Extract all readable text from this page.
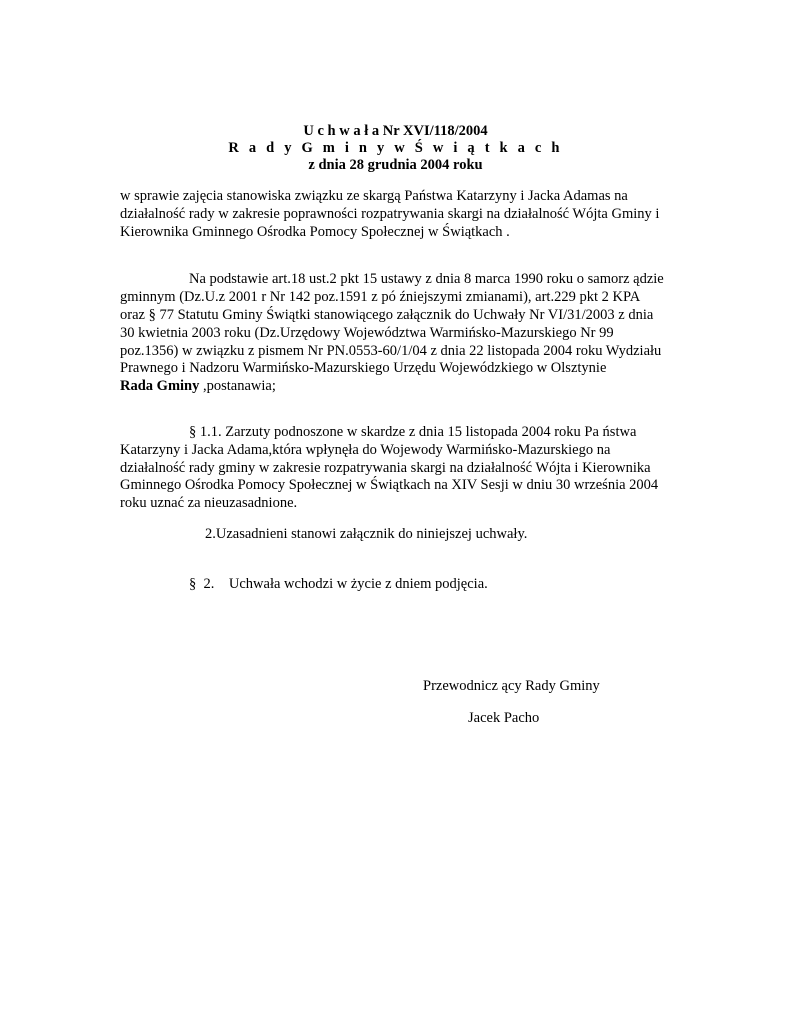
U c h w a ł a Nr XVI/118/2004
R a d y G m i n y w Ś w i ą t k a c h
z dnia 28 grudnia 2004 roku
w sprawie zajęcia stanowiska związku ze skargą Państwa Katarzyny i Jacka Adamas na
działalność rady w zakresie poprawności rozpatrywania skargi na działalność Wójta Gminy i
Kierownika Gminnego Ośrodka Pomocy Społecznej w Świątkach .
Na podstawie art.18 ust.2 pkt 15 ustawy z dnia 8 marca 1990 roku o samorz ądzie
gminnym (Dz.U.z 2001 r Nr 142 poz.1591 z pó źniejszymi zmianami), art.229 pkt 2 KPA
oraz § 77 Statutu Gminy Świątki stanowiącego załącznik do Uchwały Nr VI/31/2003 z dnia
30 kwietnia 2003 roku (Dz.Urzędowy Województwa Warmińsko-Mazurskiego Nr 99
poz.1356) w związku z pismem Nr PN.0553-60/1/04 z dnia 22 listopada 2004 roku Wydziału
Prawnego i Nadzoru Warmińsko-Mazurskiego Urzędu Wojewódzkiego w Olsztynie
Rada Gminy ,postanawia;
§ 1.1. Zarzuty podnoszone w skardze z dnia 15 listopada 2004 roku Pa ństwa
Katarzyny i Jacka Adama,która wpłynęła do Wojewody Warmińsko-Mazurskiego na
działalność rady gminy w zakresie rozpatrywania skargi na działalność Wójta i Kierownika
Gminnego Ośrodka Pomocy Społecznej w Świątkach na XIV Sesji w dniu 30 września 2004
roku uznać za nieuzasadnione.
2.Uzasadnieni stanowi załącznik do niniejszej uchwały.
§  2.    Uchwała wchodzi w życie z dniem podjęcia.
Przewodnicz ący Rady Gminy
Jacek Pacho
